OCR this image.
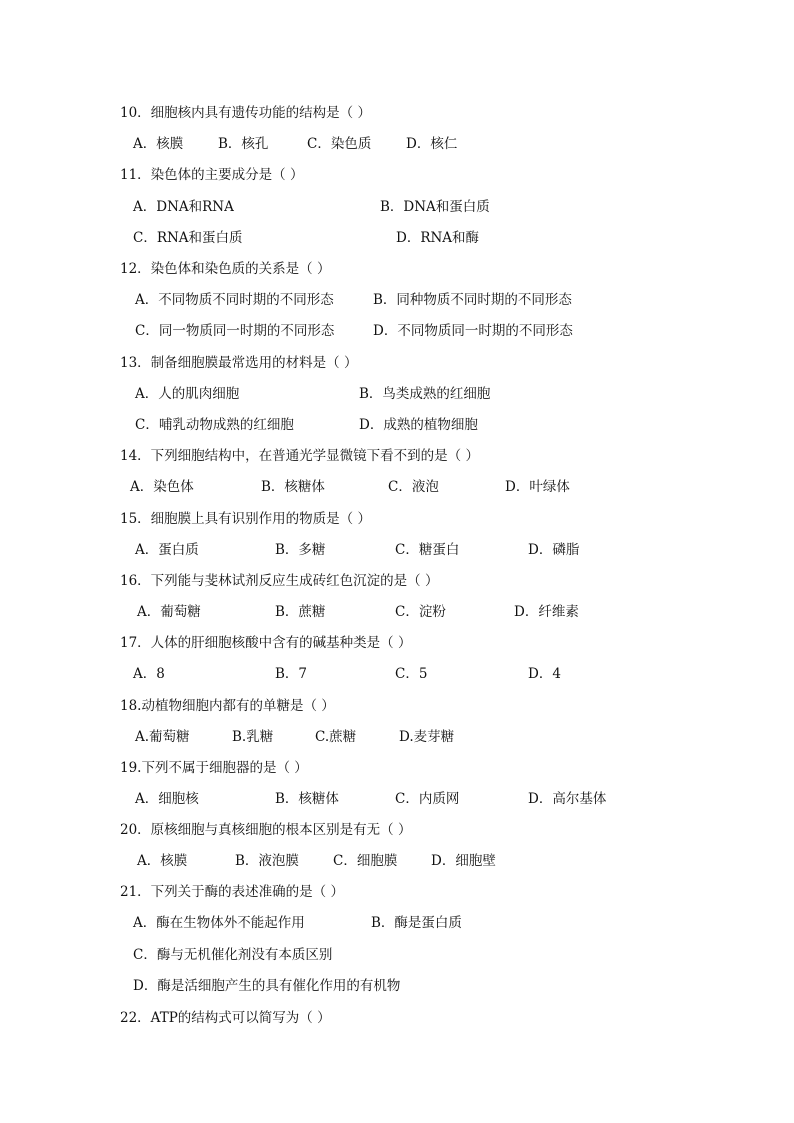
10．细胞核内具有遗传功能的结构是（ ）
A．核膜	B．核孔	C．染色质	D．核仁
11．染色体的主要成分是（ ）
A．DNA和RNA	B．DNA和蛋白质
C．RNA和蛋白质	D．RNA和酶
12．染色体和染色质的关系是（ ）
A．不同物质不同时期的不同形态	B．同种物质不同时期的不同形态
C．同一物质同一时期的不同形态	D．不同物质同一时期的不同形态
13．制备细胞膜最常选用的材料是（ ）
A．人的肌肉细胞	B．鸟类成熟的红细胞
C．哺乳动物成熟的红细胞	D．成熟的植物细胞
14．下列细胞结构中，在普通光学显微镜下看不到的是（ ）
A．染色体	B．核糖体	C．液泡	D．叶绿体
15．细胞膜上具有识别作用的物质是（ ）
A．蛋白质	B．多糖	C．糖蛋白	D．磷脂
16．下列能与斐林试剂反应生成砖红色沉淀的是（ ）
A．葡萄糖	B．蔗糖	C．淀粉	D．纤维素
17．人体的肝细胞核酸中含有的碱基种类是（ ）
A．8	B．7	C．5	D．4
18.动植物细胞内都有的单糖是（ ）
A.葡萄糖	B.乳糖	C.蔗糖	D.麦芽糖
19.下列不属于细胞器的是（ ）
A．细胞核	B．核糖体	C．内质网	D．高尔基体
20．原核细胞与真核细胞的根本区别是有无（ ）
A．核膜	B．液泡膜	C．细胞膜 D．细胞壁
21．下列关于酶的表述准确的是（ ）
A．酶在生物体外不能起作用	B．酶是蛋白质
C．酶与无机催化剂没有本质区别
D．酶是活细胞产生的具有催化作用的有机物
22．ATP的结构式可以简写为（ ）
